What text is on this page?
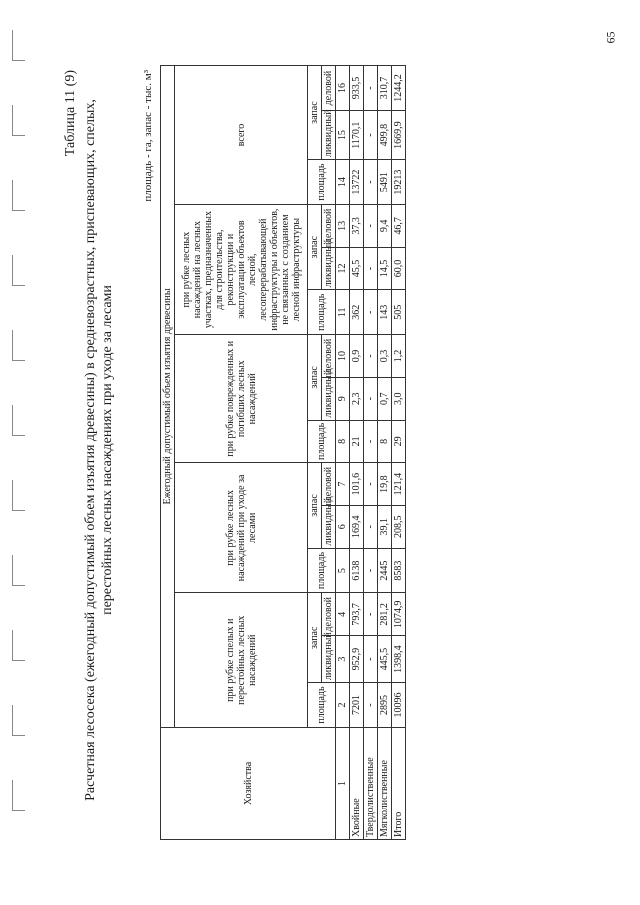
65
Таблица 11 (9) Расчетная лесосека (ежегодный допустимый объем изъятия древесины) в средневозрастных, приспевающих, спелых, перестойных лесных насаждениях при уходе за лесами
площадь - га, запас - тыс. м³
Хозяйства	Ежегодный допустимый объем изъятия древесины														
	при рубке спелых и перестойных лесных насаждений			при рубке лесных насаждений при уходе за лесами			при рубке поврежденных и погибших лесных насаждений			при рубке лесных насаждений на лесных участках, предназначенных для строительства, реконструкции и эксплуатации объектов лесной, лесоперерабатывающей инфраструктуры и объектов, не связанных с созданием лесной инфраструктуры			всего		
	площадь	запас		площадь	запас		площадь	запас		площадь	запас		площадь	запас	
		ликвидный	деловой		ликвидный	деловой		ликвидный	деловой		ликвидный	деловой		ликвидный	деловой
1	2	3	4	5	6	7	8	9	10	11	12	13	14	15	16
Хвойные	7201	952,9	793,7	6138	169,4	101,6	21	2,3	0,9	362	45,5	37,3	13722	1170,1	933,5
Твердолиственные	-	-	-	-	-	-	-	-	-	-	-	-	-	-	-
Мягколиственные	2895	445,5	281,2	2445	39,1	19,8	8	0,7	0,3	143	14,5	9,4	5491	499,8	310,7
Итого	10096	1398,4	1074,9	8583	208,5	121,4	29	3,0	1,2	505	60,0	46,7	19213	1669,9	1244,2
